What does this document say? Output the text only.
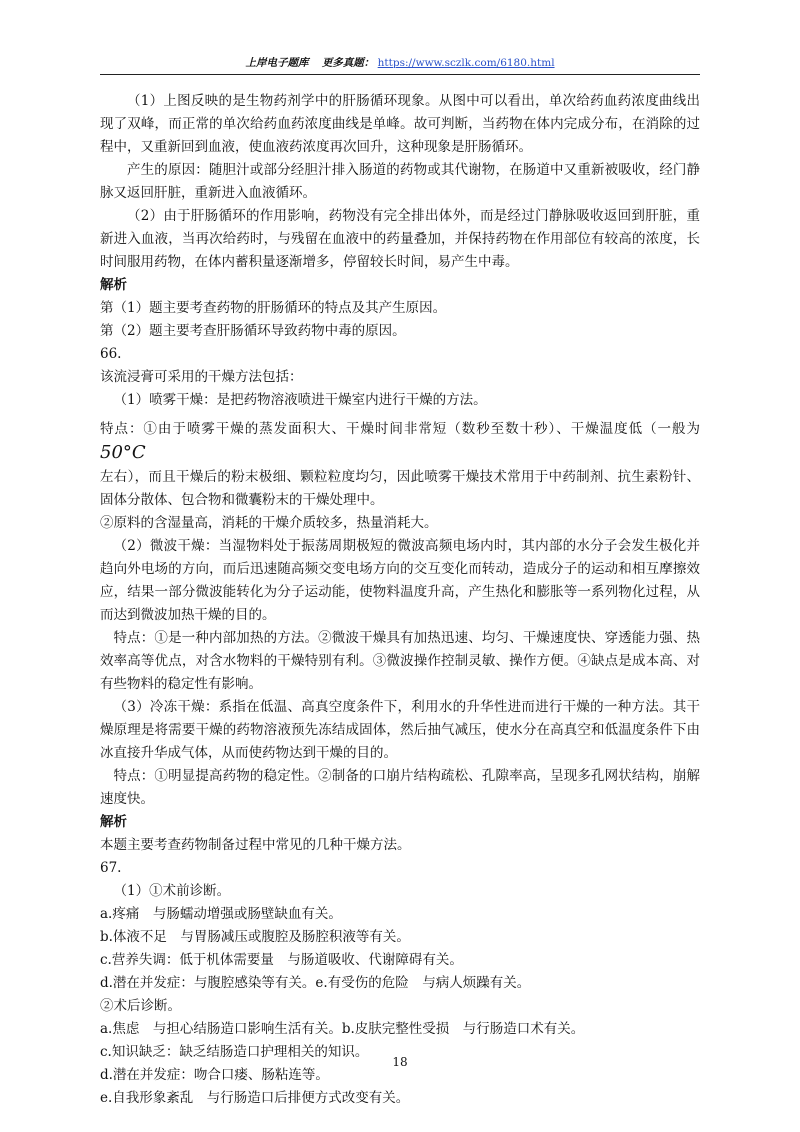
上岸电子题库 更多真题： https://www.sczlk.com/6180.html

（1）上图反映的是生物药剂学中的肝肠循环现象。从图中可以看出，单次给药血药浓度曲线出现了双峰，而正常的单次给药血药浓度曲线是单峰。故可判断，当药物在体内完成分布，在消除的过程中，又重新回到血液，使血液药浓度再次回升，这种现象是肝肠循环。

产生的原因：随胆汁或部分经胆汁排入肠道的药物或其代谢物，在肠道中又重新被吸收，经门静脉又返回肝脏，重新进入血液循环。

（2）由于肝肠循环的作用影响，药物没有完全排出体外，而是经过门静脉吸收返回到肝脏，重新进入血液，当再次给药时，与残留在血液中的药量叠加，并保持药物在作用部位有较高的浓度，长时间服用药物，在体内蓄积量逐渐增多，停留较长时间，易产生中毒。

解析

第（1）题主要考查药物的肝肠循环的特点及其产生原因。

第（2）题主要考查肝肠循环导致药物中毒的原因。

66.

该流浸膏可采用的干燥方法包括：

（1）喷雾干燥：是把药物溶液喷进干燥室内进行干燥的方法。

特点：①由于喷雾干燥的蒸发面积大、干燥时间非常短（数秒至数十秒）、干燥温度低（一般为50°C

左右），而且干燥后的粉末极细、颗粒粒度均匀，因此喷雾干燥技术常用于中药制剂、抗生素粉针、固体分散体、包合物和微囊粉末的干燥处理中。

②原料的含湿量高，消耗的干燥介质较多，热量消耗大。

（2）微波干燥：当湿物料处于振荡周期极短的微波高频电场内时，其内部的水分子会发生极化并趋向外电场的方向，而后迅速随高频交变电场方向的交互变化而转动，造成分子的运动和相互摩擦效应，结果一部分微波能转化为分子运动能，使物料温度升高，产生热化和膨胀等一系列物化过程，从而达到微波加热干燥的目的。

特点：①是一种内部加热的方法。②微波干燥具有加热迅速、均匀、干燥速度快、穿透能力强、热效率高等优点，对含水物料的干燥特别有利。③微波操作控制灵敏、操作方便。④缺点是成本高、对有些物料的稳定性有影响。

（3）冷冻干燥：系指在低温、高真空度条件下，利用水的升华性进而进行干燥的一种方法。其干燥原理是将需要干燥的药物溶液预先冻结成固体，然后抽气减压，使水分在高真空和低温度条件下由冰直接升华成气体，从而使药物达到干燥的目的。

特点：①明显提高药物的稳定性。②制备的口崩片结构疏松、孔隙率高，呈现多孔网状结构，崩解速度快。

解析

本题主要考查药物制备过程中常见的几种干燥方法。

67.

（1）①术前诊断。

a.疼痛　与肠蠕动增强或肠壁缺血有关。

b.体液不足　与胃肠减压或腹腔及肠腔积液等有关。

c.营养失调：低于机体需要量　与肠道吸收、代谢障碍有关。

d.潜在并发症：与腹腔感染等有关。e.有受伤的危险　与病人烦躁有关。

②术后诊断。

a.焦虑　与担心结肠造口影响生活有关。b.皮肤完整性受损　与行肠造口术有关。

c.知识缺乏：缺乏结肠造口护理相关的知识。

d.潜在并发症：吻合口瘘、肠粘连等。

e.自我形象紊乱　与行肠造口后排便方式改变有关。

18
